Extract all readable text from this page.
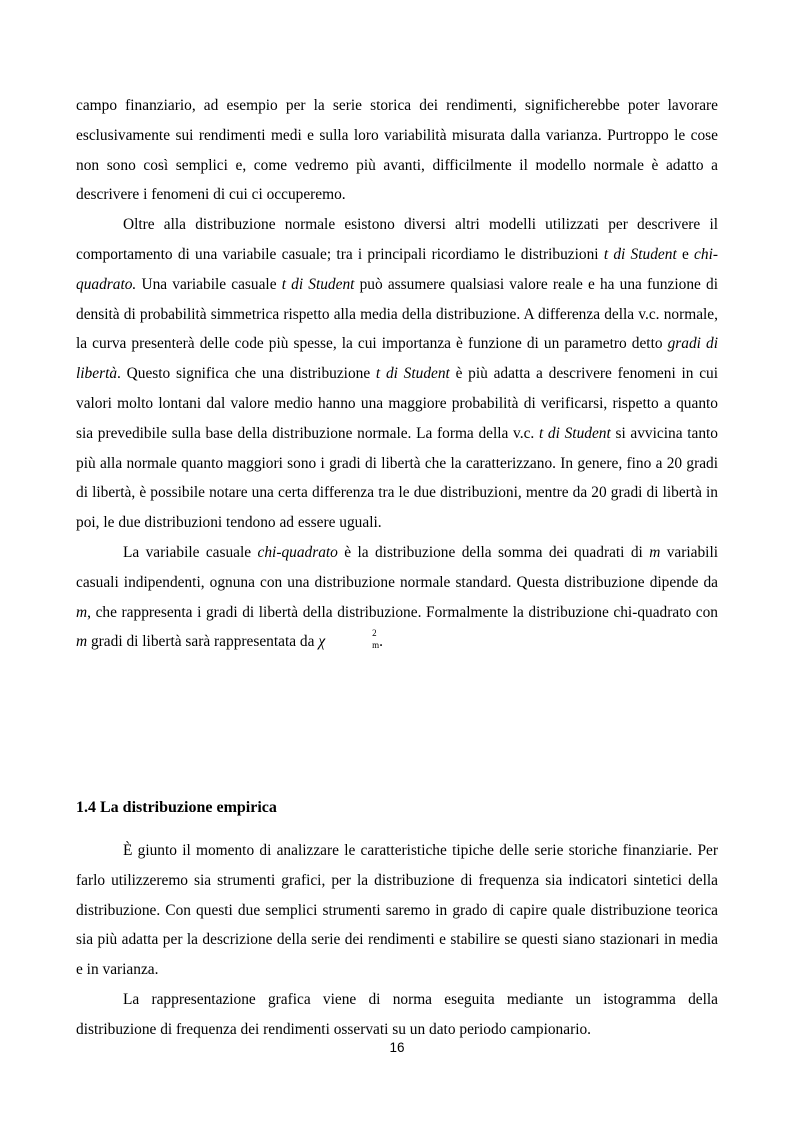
campo finanziario, ad esempio per la serie storica dei rendimenti, significherebbe poter lavorare esclusivamente sui rendimenti medi e sulla loro variabilità misurata dalla varianza. Purtroppo le cose non sono così semplici e, come vedremo più avanti, difficilmente il modello normale è adatto a descrivere i fenomeni di cui ci occuperemo.

Oltre alla distribuzione normale esistono diversi altri modelli utilizzati per descrivere il comportamento di una variabile casuale; tra i principali ricordiamo le distribuzioni t di Student e chi-quadrato. Una variabile casuale t di Student può assumere qualsiasi valore reale e ha una funzione di densità di probabilità simmetrica rispetto alla media della distribuzione. A differenza della v.c. normale, la curva presenterà delle code più spesse, la cui importanza è funzione di un parametro detto gradi di libertà. Questo significa che una distribuzione t di Student è più adatta a descrivere fenomeni in cui valori molto lontani dal valore medio hanno una maggiore probabilità di verificarsi, rispetto a quanto sia prevedibile sulla base della distribuzione normale. La forma della v.c. t di Student si avvicina tanto più alla normale quanto maggiori sono i gradi di libertà che la caratterizzano. In genere, fino a 20 gradi di libertà, è possibile notare una certa differenza tra le due distribuzioni, mentre da 20 gradi di libertà in poi, le due distribuzioni tendono ad essere uguali.

La variabile casuale chi-quadrato è la distribuzione della somma dei quadrati di m variabili casuali indipendenti, ognuna con una distribuzione normale standard. Questa distribuzione dipende da m, che rappresenta i gradi di libertà della distribuzione. Formalmente la distribuzione chi-quadrato con m gradi di libertà sarà rappresentata da χ	$^2$
m .

1.4 La distribuzione empirica

È giunto il momento di analizzare le caratteristiche tipiche delle serie storiche finanziarie. Per farlo utilizzeremo sia strumenti grafici, per la distribuzione di frequenza sia indicatori sintetici della distribuzione. Con questi due semplici strumenti saremo in grado di capire quale distribuzione teorica sia più adatta per la descrizione della serie dei rendimenti e stabilire se questi siano stazionari in media e in varianza.

La rappresentazione grafica viene di norma eseguita mediante un istogramma della distribuzione di frequenza dei rendimenti osservati su un dato periodo campionario.

16
